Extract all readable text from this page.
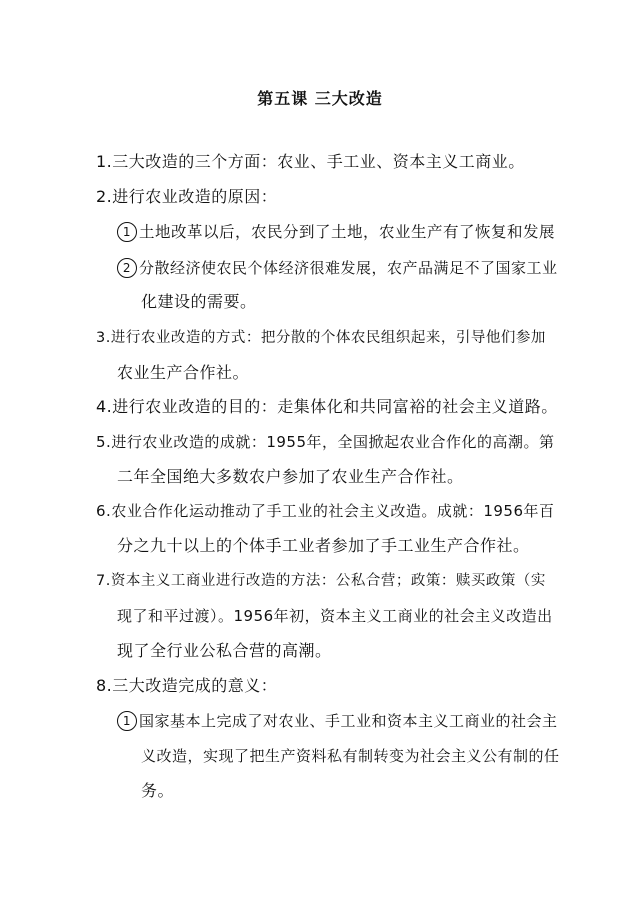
第五课 三大改造
1.三大改造的三个方面：农业、手工业、资本主义工商业。
2.进行农业改造的原因：
1 土地改革以后，农民分到了土地，农业生产有了恢复和发展
2 分散经济使农民个体经济很难发展，农产品满足不了国家工业
化建设的需要。
3.进行农业改造的方式：把分散的个体农民组织起来，引导他们参加
农业生产合作社。
4.进行农业改造的目的：走集体化和共同富裕的社会主义道路。
5.进行农业改造的成就：1955年，全国掀起农业合作化的高潮。第
二年全国绝大多数农户参加了农业生产合作社。
6.农业合作化运动推动了手工业的社会主义改造。成就：1956年百
分之九十以上的个体手工业者参加了手工业生产合作社。
7.资本主义工商业进行改造的方法：公私合营；政策：赎买政策（实
现了和平过渡）。1956年初，资本主义工商业的社会主义改造出
现了全行业公私合营的高潮。
8.三大改造完成的意义：
1 国家基本上完成了对农业、手工业和资本主义工商业的社会主
义改造，实现了把生产资料私有制转变为社会主义公有制的任
务。
